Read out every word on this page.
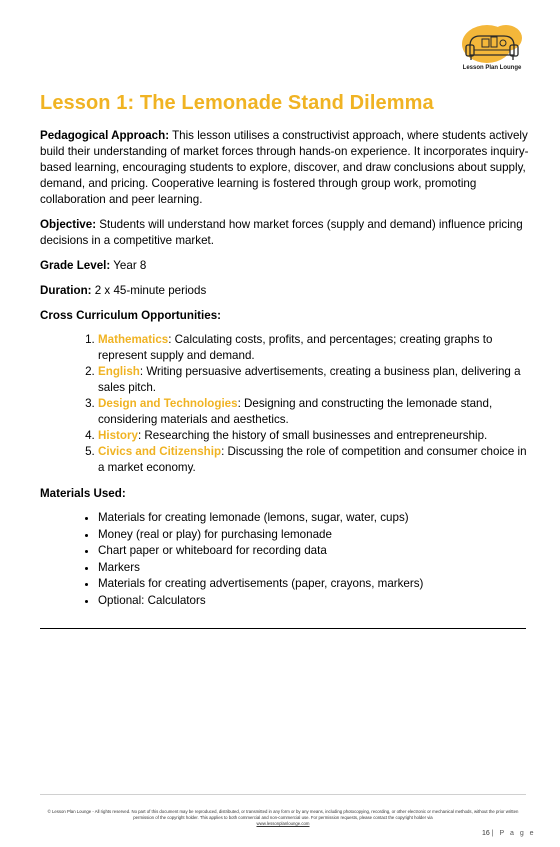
Lesson Plan Lounge
Lesson 1: The Lemonade Stand Dilemma

Pedagogical Approach: This lesson utilises a constructivist approach, where students actively build their understanding of market forces through hands-on experience. It incorporates inquiry-based learning, encouraging students to explore, discover, and draw conclusions about supply, demand, and pricing. Cooperative learning is fostered through group work, promoting collaboration and peer learning.

Objective: Students will understand how market forces (supply and demand) influence pricing decisions in a competitive market.

Grade Level: Year 8

Duration: 2 x 45-minute periods

Cross Curriculum Opportunities:

1. Mathematics: Calculating costs, profits, and percentages; creating graphs to represent supply and demand.
2. English: Writing persuasive advertisements, creating a business plan, delivering a sales pitch.
3. Design and Technologies: Designing and constructing the lemonade stand, considering materials and aesthetics.
4. History: Researching the history of small businesses and entrepreneurship.
5. Civics and Citizenship: Discussing the role of competition and consumer choice in a market economy.

Materials Used:

• Materials for creating lemonade (lemons, sugar, water, cups)
• Money (real or play) for purchasing lemonade
• Chart paper or whiteboard for recording data
• Markers
• Materials for creating advertisements (paper, crayons, markers)
• Optional: Calculators
© Lesson Plan Lounge - All rights reserved. No part of this document may be reproduced, distributed, or transmitted in any form or by any means, including photocopying, recording, or other electronic or mechanical methods, without the prior written permission of the copyright holder. This applies to both commercial and non-commercial use. For permission requests, please contact the copyright holder via
www.lessonplanlounge.com
16 | P a g e
